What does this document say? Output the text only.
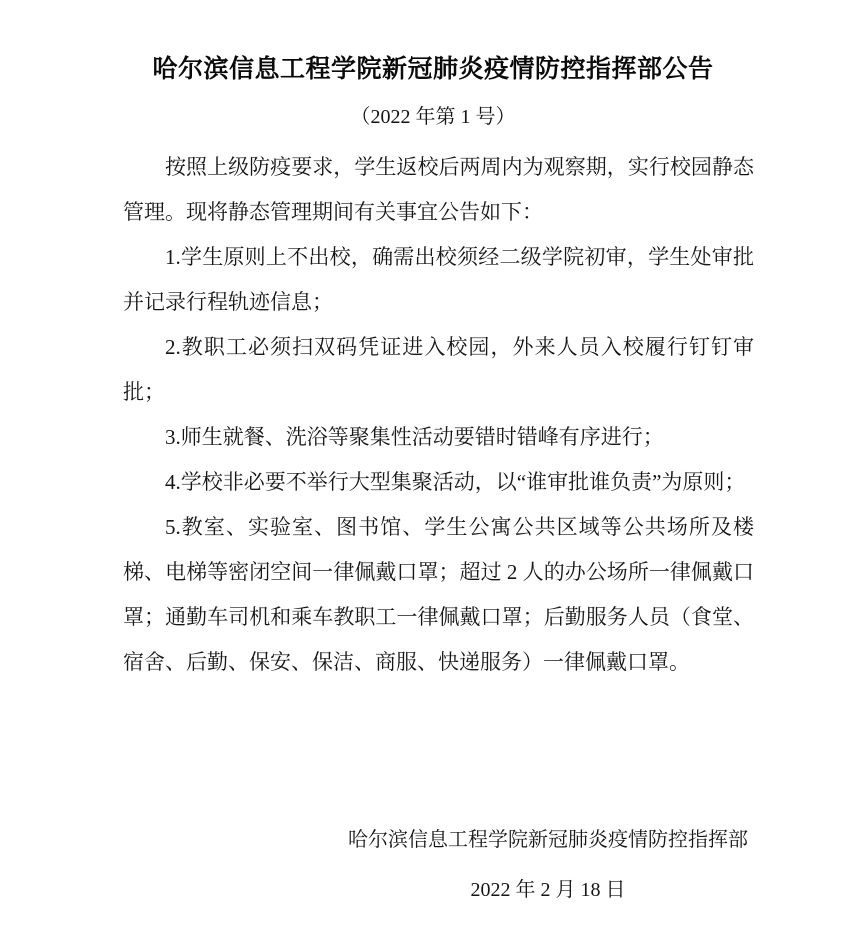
哈尔滨信息工程学院新冠肺炎疫情防控指挥部公告
（2022 年第 1 号）

按照上级防疫要求，学生返校后两周内为观察期，实行校园静态管理。现将静态管理期间有关事宜公告如下：

1.学生原则上不出校，确需出校须经二级学院初审，学生处审批并记录行程轨迹信息；

2.教职工必须扫双码凭证进入校园，外来人员入校履行钉钉审批；

3.师生就餐、洗浴等聚集性活动要错时错峰有序进行；

4.学校非必要不举行大型集聚活动，以“谁审批谁负责”为原则；

5.教室、实验室、图书馆、学生公寓公共区域等公共场所及楼梯、电梯等密闭空间一律佩戴口罩；超过 2 人的办公场所一律佩戴口罩；通勤车司机和乘车教职工一律佩戴口罩；后勤服务人员（食堂、宿舍、后勤、保安、保洁、商服、快递服务）一律佩戴口罩。

哈尔滨信息工程学院新冠肺炎疫情防控指挥部
2022 年 2 月 18 日
